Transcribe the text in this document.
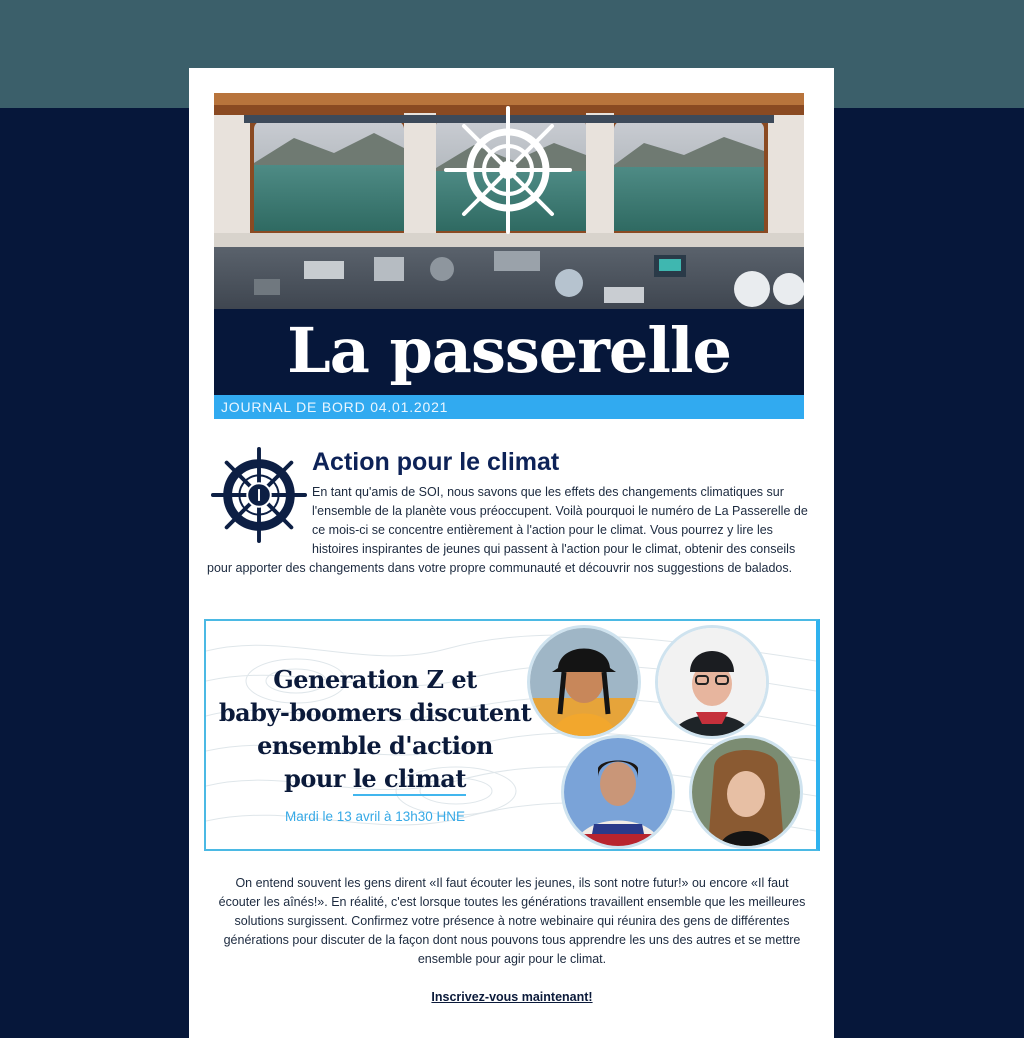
La passerelle
JOURNAL DE BORD 04.01.2021
Action pour le climat

En tant qu'amis de SOI, nous savons que les effets des changements climatiques sur l'ensemble de la planète vous préoccupent. Voilà pourquoi le numéro de La Passerelle de ce mois-ci se concentre entièrement à l'action pour le climat. Vous pourrez y lire les histoires inspirantes de jeunes qui passent à l'action pour le climat, obtenir des conseils pour apporter des changements dans votre propre communauté et découvrir nos suggestions de balados.

Generation Z et
baby-boomers discutent
ensemble d'action
pour le climat
Mardi le 13 avril à 13h30 HNE

On entend souvent les gens dirent «Il faut écouter les jeunes, ils sont notre futur!» ou encore «Il faut écouter les aînés!». En réalité, c'est lorsque toutes les générations travaillent ensemble que les meilleures solutions surgissent. Confirmez votre présence à notre webinaire qui réunira des gens de différentes générations pour discuter de la façon dont nous pouvons tous apprendre les uns des autres et se mettre ensemble pour agir pour le climat.

Inscrivez-vous maintenant!
